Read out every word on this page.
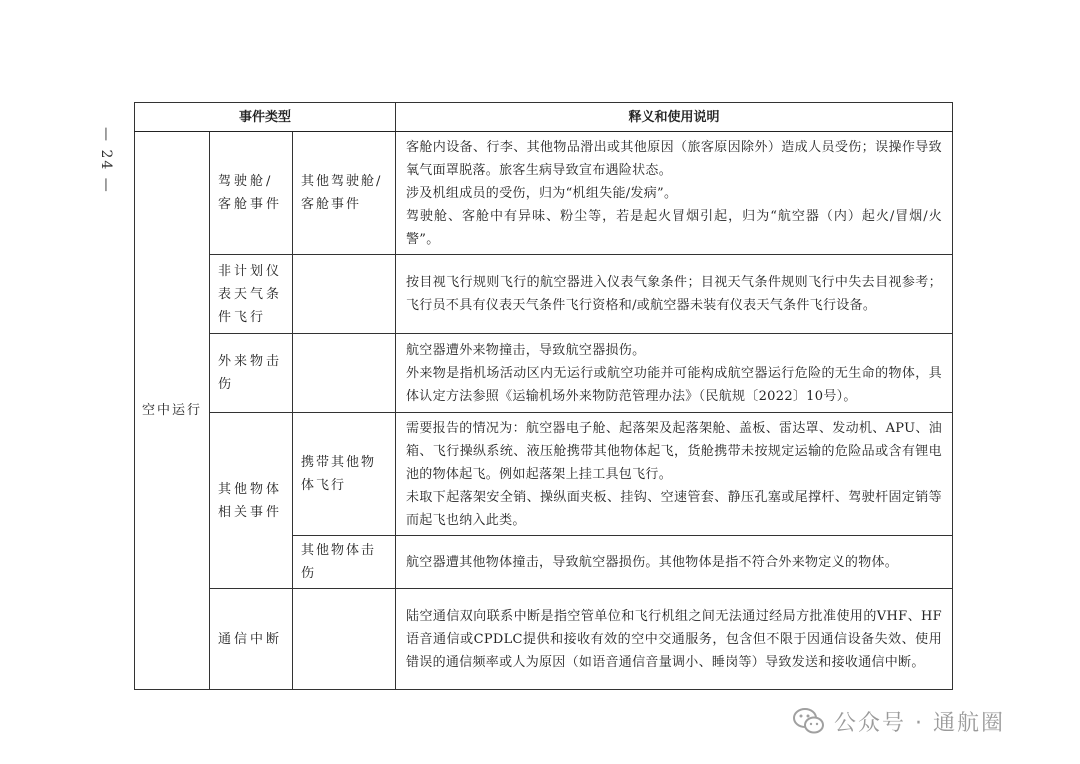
— 24 —
事件类型			释义和使用说明
空中运行	驾驶舱/客舱事件	其他驾驶舱/客舱事件	客舱内设备、行李、其他物品滑出或其他原因（旅客原因除外）造成人员受伤；误操作导致氧气面罩脱落。旅客生病导致宣布遇险状态。

涉及机组成员的受伤，归为“机组失能/发病”。

驾驶舱、客舱中有异味、粉尘等，若是起火冒烟引起，归为“航空器（内）起火/冒烟/火警”。

	非计划仪表天气条件飞行		按目视飞行规则飞行的航空器进入仪表气象条件；目视天气条件规则飞行中失去目视参考；飞行员不具有仪表天气条件飞行资格和/或航空器未装有仪表天气条件飞行设备。

	外来物击伤		航空器遭外来物撞击，导致航空器损伤。

外来物是指机场活动区内无运行或航空功能并可能构成航空器运行危险的无生命的物体，具体认定方法参照《运输机场外来物防范管理办法》（民航规〔2022〕10号）。

	其他物体相关事件	携带其他物体飞行	需要报告的情况为：航空器电子舱、起落架及起落架舱、盖板、雷达罩、发动机、APU、油箱、飞行操纵系统、液压舱携带其他物体起飞，货舱携带未按规定运输的危险品或含有锂电池的物体起飞。例如起落架上挂工具包飞行。

未取下起落架安全销、操纵面夹板、挂钩、空速管套、静压孔塞或尾撑杆、驾驶杆固定销等而起飞也纳入此类。

		其他物体击伤	航空器遭其他物体撞击，导致航空器损伤。其他物体是指不符合外来物定义的物体。

	通信中断		陆空通信双向联系中断是指空管单位和飞行机组之间无法通过经局方批准使用的VHF、HF语音通信或CPDLC提供和接收有效的空中交通服务，包含但不限于因通信设备失效、使用错误的通信频率或人为原因（如语音通信音量调小、睡岗等）导致发送和接收通信中断。

公众号 · 通航圈
